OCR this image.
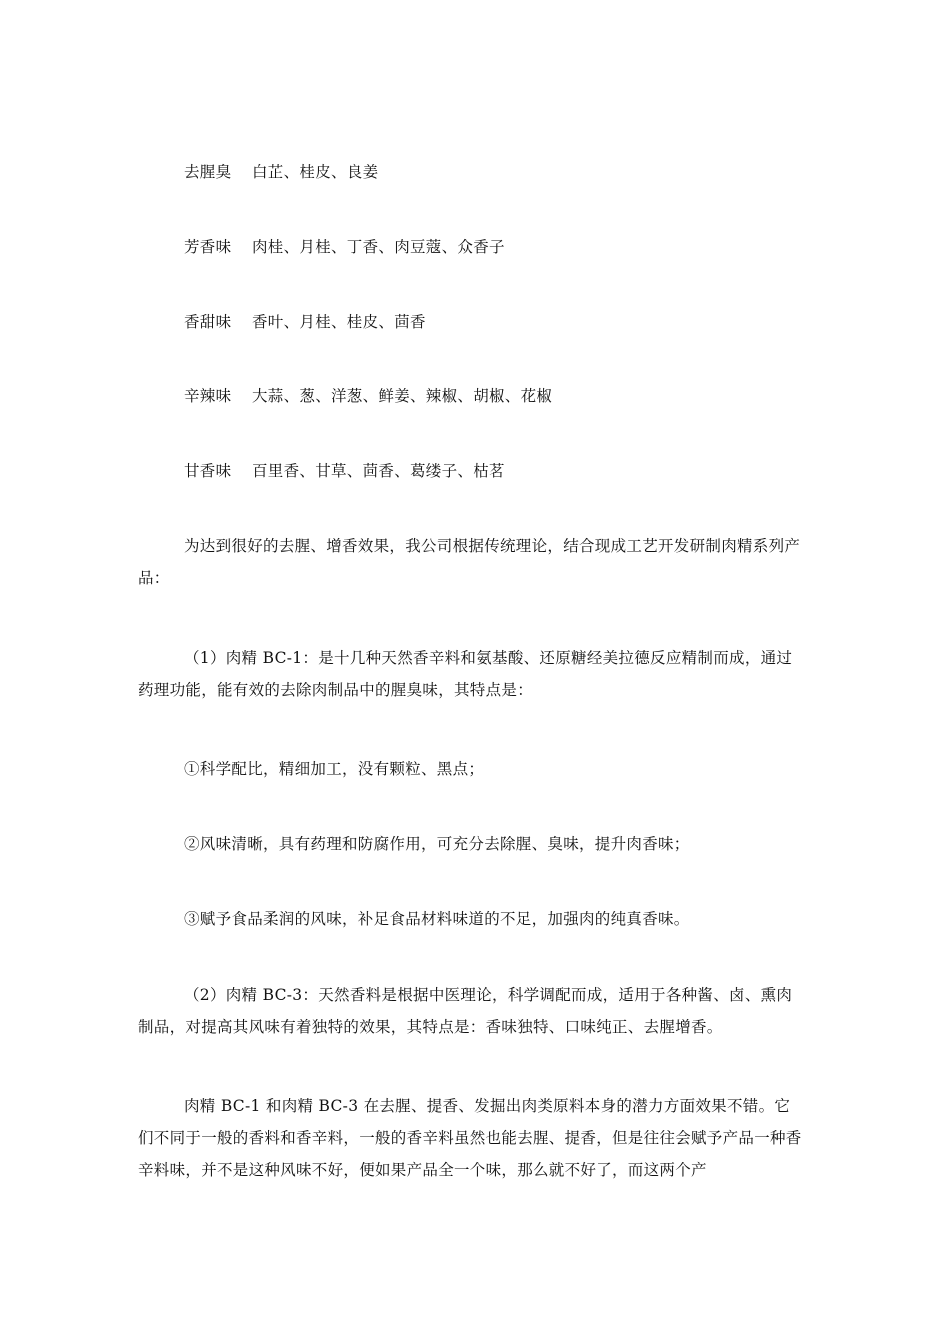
去腥臭 白芷、桂皮、良姜
芳香味 肉桂、月桂、丁香、肉豆蔻、众香子
香甜味 香叶、月桂、桂皮、茴香
辛辣味 大蒜、葱、洋葱、鲜姜、辣椒、胡椒、花椒
甘香味 百里香、甘草、茴香、葛缕子、枯茗

为达到很好的去腥、增香效果，我公司根据传统理论，结合现成工艺开发研制肉精系列产品：

（1）肉精 BC-1：是十几种天然香辛料和氨基酸、还原糖经美拉德反应精制而成，通过药理功能，能有效的去除肉制品中的腥臭味，其特点是：

①科学配比，精细加工，没有颗粒、黑点；

②风味清晰，具有药理和防腐作用，可充分去除腥、臭味，提升肉香味；

③赋予食品柔润的风味，补足食品材料味道的不足，加强肉的纯真香味。

（2）肉精 BC-3：天然香料是根据中医理论，科学调配而成，适用于各种酱、卤、熏肉制品，对提高其风味有着独特的效果，其特点是：香味独特、口味纯正、去腥增香。

肉精 BC-1 和肉精 BC-3 在去腥、提香、发掘出肉类原料本身的潜力方面效果不错。它们不同于一般的香料和香辛料，一般的香辛料虽然也能去腥、提香，但是往往会赋予产品一种香辛料味，并不是这种风味不好，便如果产品全一个味，那么就不好了，而这两个产
